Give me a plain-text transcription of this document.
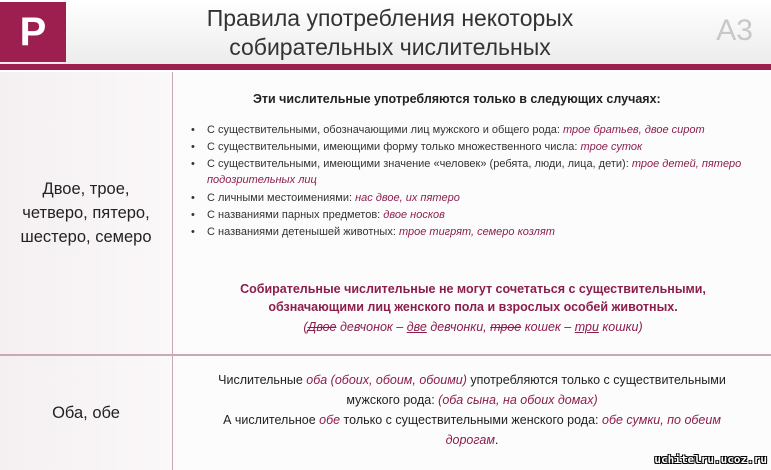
P	Правила употребления некоторых
собирательных числительных	А3
Двое, трое,
четверо, пятеро,
шестеро, семеро
Эти числительные употребляются только в следующих случаях:
• С существительными, обозначающими лиц мужского и общего рода: трое братьев, двое сирот
• С существительными, имеющими форму только множественного числа: трое суток
• С существительными, имеющими значение «человек» (ребята, люди, лица, дети): трое детей, пятеро подозрительных лиц
• С личными местоимениями: нас двое, их пятеро
• С названиями парных предметов: двое носков
• С названиями детенышей животных: трое тигрят, семеро козлят
Собирательные числительные не могут сочетаться с существительными,
обзначающими лиц женского пола и взрослых особей животных.
(Двое девчонок – две девчонки, трое кошек – три кошки)
Оба, обе
Числительные оба (обоих, обоим, обоими) употребляются только с существительными
мужского рода: (оба сына, на обоих домах)
А числительное обе только с существительными женского рода: обе сумки, по обеим
дорогам.
uchitelru.ucoz.ru
